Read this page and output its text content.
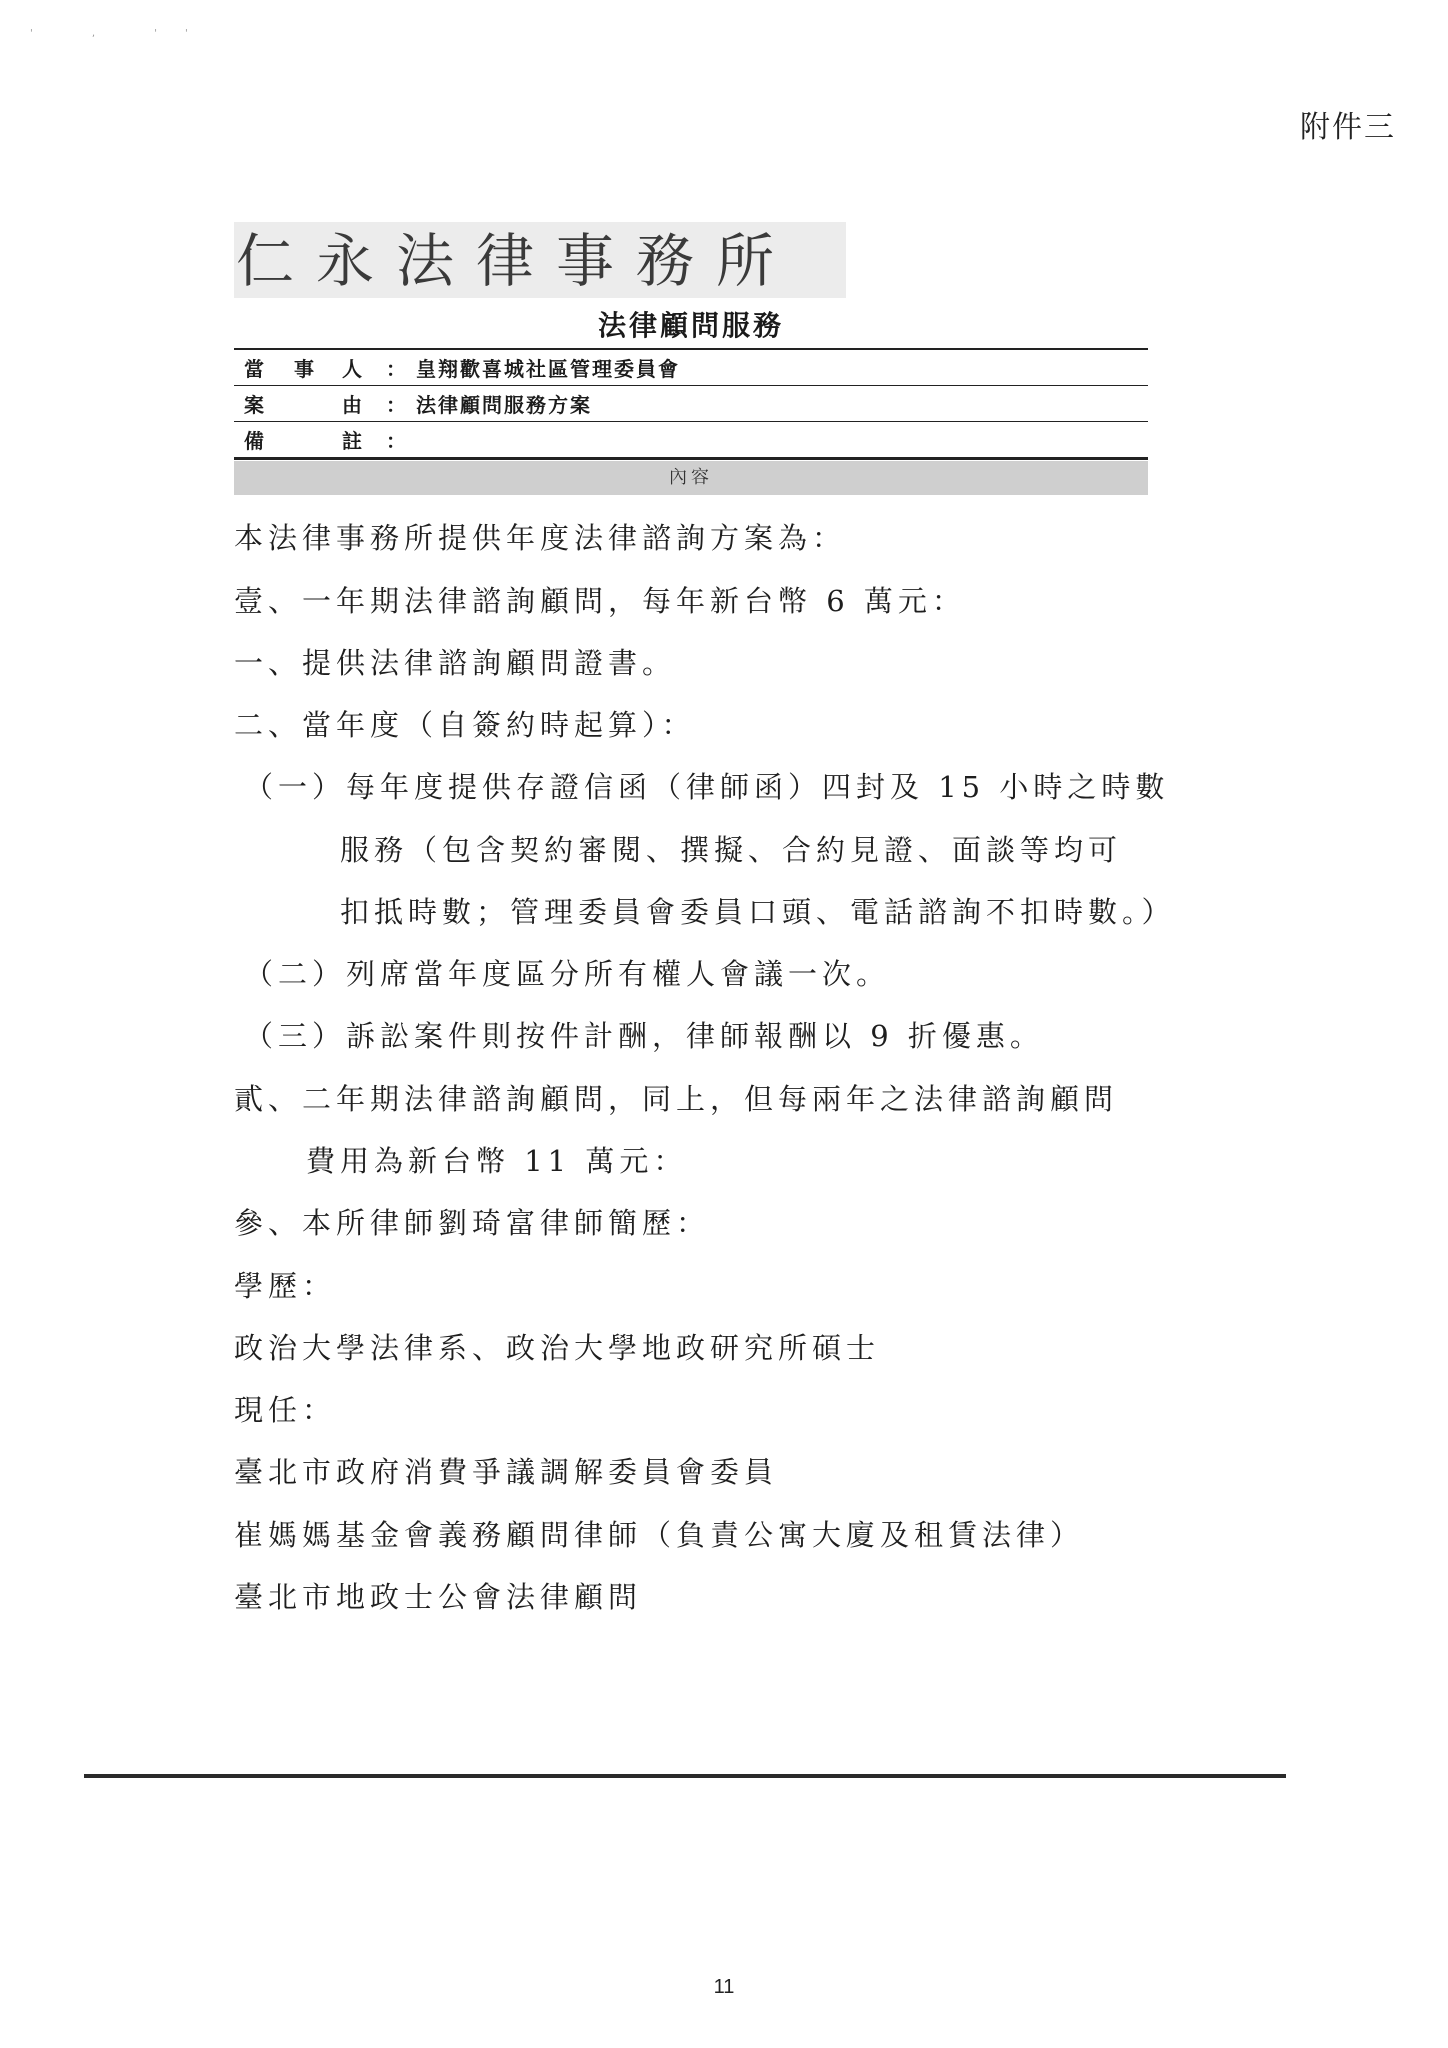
' , ''
附件三
仁永法律事務所
法律顧問服務
當 事 人 ： 皇翔歡喜城社區管理委員會
案	由 ： 法律顧問服務方案
備	註 ：
內容
本法律事務所提供年度法律諮詢方案為：
壹、一年期法律諮詢顧問，每年新台幣 6 萬元：
一、提供法律諮詢顧問證書。
二、當年度（自簽約時起算）：
（一）每年度提供存證信函（律師函）四封及 15 小時之時數
服務（包含契約審閱、撰擬、合約見證、面談等均可
扣抵時數；管理委員會委員口頭、電話諮詢不扣時數。）
（二）列席當年度區分所有權人會議一次。
（三）訴訟案件則按件計酬，律師報酬以 9 折優惠。
貳、二年期法律諮詢顧問，同上，但每兩年之法律諮詢顧問
費用為新台幣 11 萬元：
參、本所律師劉琦富律師簡歷：
學歷：
政治大學法律系、政治大學地政研究所碩士
現任：
臺北市政府消費爭議調解委員會委員
崔媽媽基金會義務顧問律師（負責公寓大廈及租賃法律）
臺北市地政士公會法律顧問
11
